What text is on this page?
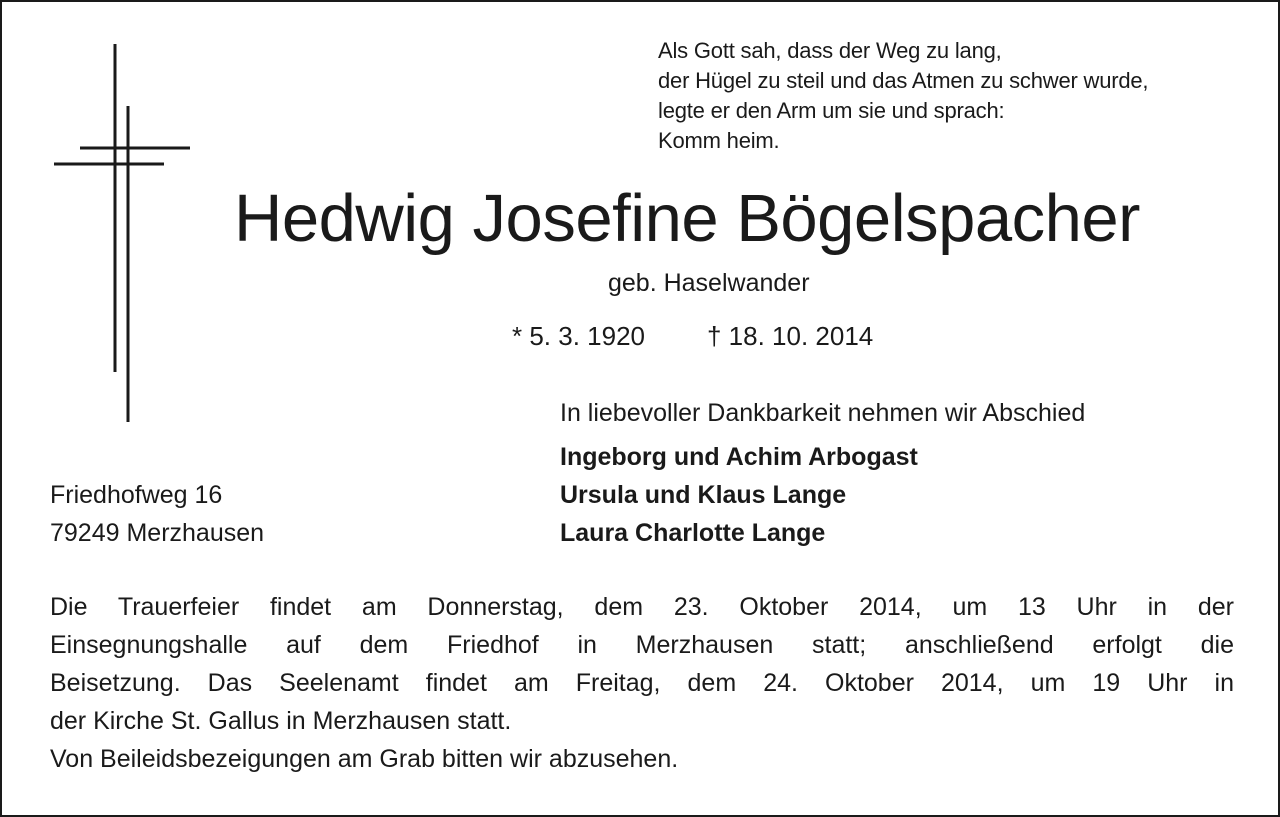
Als Gott sah, dass der Weg zu lang,
der Hügel zu steil und das Atmen zu schwer wurde,
legte er den Arm um sie und sprach:
Komm heim.
Hedwig Josefine Bögelspacher
geb. Haselwander
* 5. 3. 1920 † 18. 10. 2014
In liebevoller Dankbarkeit nehmen wir Abschied
Ingeborg und Achim Arbogast
Ursula und Klaus Lange
Laura Charlotte Lange
Friedhofweg 16
79249 Merzhausen
Die Trauerfeier findet am Donnerstag, dem 23. Oktober 2014, um 13 Uhr in der
Einsegnungshalle auf dem Friedhof in Merzhausen statt; anschließend erfolgt die
Beisetzung. Das Seelenamt findet am Freitag, dem 24. Oktober 2014, um 19 Uhr in
der Kirche St. Gallus in Merzhausen statt.
Von Beileidsbezeigungen am Grab bitten wir abzusehen.
